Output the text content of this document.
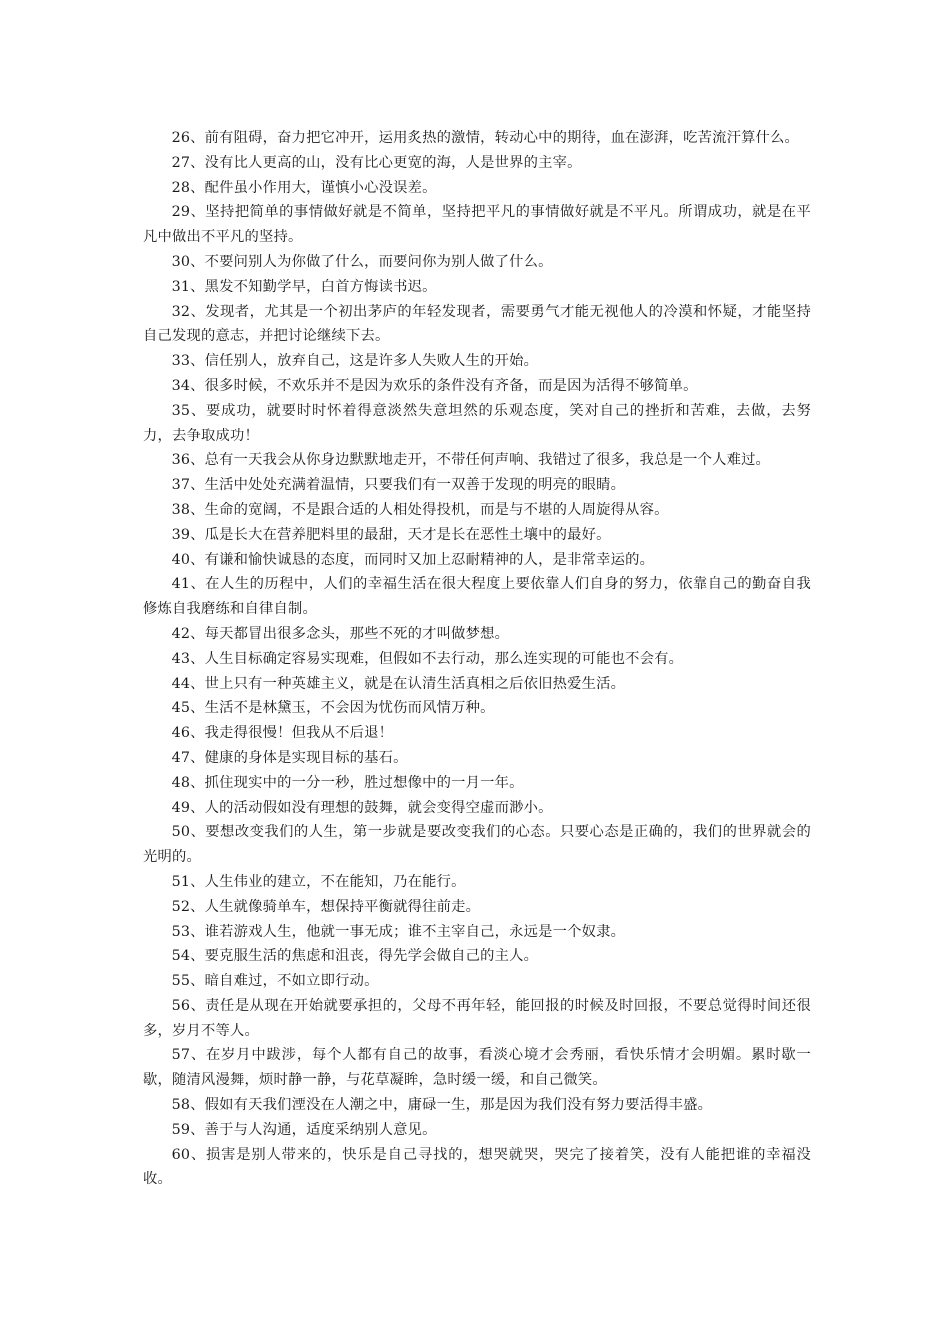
26、前有阻碍，奋力把它冲开，运用炙热的激情，转动心中的期待，血在澎湃，吃苦流汗算什么。

27、没有比人更高的山，没有比心更宽的海，人是世界的主宰。

28、配件虽小作用大，谨慎小心没误差。

29、坚持把简单的事情做好就是不简单，坚持把平凡的事情做好就是不平凡。所谓成功，就是在平凡中做出不平凡的坚持。

30、不要问别人为你做了什么，而要问你为别人做了什么。

31、黑发不知勤学早，白首方悔读书迟。

32、发现者，尤其是一个初出茅庐的年轻发现者，需要勇气才能无视他人的冷漠和怀疑，才能坚持自己发现的意志，并把讨论继续下去。

33、信任别人，放弃自己，这是许多人失败人生的开始。

34、很多时候，不欢乐并不是因为欢乐的条件没有齐备，而是因为活得不够简单。

35、要成功，就要时时怀着得意淡然失意坦然的乐观态度，笑对自己的挫折和苦难，去做，去努力，去争取成功！

36、总有一天我会从你身边默默地走开，不带任何声响、我错过了很多，我总是一个人难过。

37、生活中处处充满着温情，只要我们有一双善于发现的明亮的眼睛。

38、生命的宽阔，不是跟合适的人相处得投机，而是与不堪的人周旋得从容。

39、瓜是长大在营养肥料里的最甜，天才是长在恶性土壤中的最好。

40、有谦和愉快诚恳的态度，而同时又加上忍耐精神的人，是非常幸运的。

41、在人生的历程中，人们的幸福生活在很大程度上要依靠人们自身的努力，依靠自己的勤奋自我修炼自我磨练和自律自制。

42、每天都冒出很多念头，那些不死的才叫做梦想。

43、人生目标确定容易实现难，但假如不去行动，那么连实现的可能也不会有。

44、世上只有一种英雄主义，就是在认清生活真相之后依旧热爱生活。

45、生活不是林黛玉，不会因为忧伤而风情万种。

46、我走得很慢！但我从不后退！

47、健康的身体是实现目标的基石。

48、抓住现实中的一分一秒，胜过想像中的一月一年。

49、人的活动假如没有理想的鼓舞，就会变得空虚而渺小。

50、要想改变我们的人生，第一步就是要改变我们的心态。只要心态是正确的，我们的世界就会的光明的。

51、人生伟业的建立，不在能知，乃在能行。

52、人生就像骑单车，想保持平衡就得往前走。

53、谁若游戏人生，他就一事无成；谁不主宰自己，永远是一个奴隶。

54、要克服生活的焦虑和沮丧，得先学会做自己的主人。

55、暗自难过，不如立即行动。

56、责任是从现在开始就要承担的，父母不再年轻，能回报的时候及时回报，不要总觉得时间还很多，岁月不等人。

57、在岁月中跋涉，每个人都有自己的故事，看淡心境才会秀丽，看快乐情才会明媚。累时歇一歇，随清风漫舞，烦时静一静，与花草凝眸，急时缓一缓，和自己微笑。

58、假如有天我们湮没在人潮之中，庸碌一生，那是因为我们没有努力要活得丰盛。

59、善于与人沟通，适度采纳别人意见。

60、损害是别人带来的，快乐是自己寻找的，想哭就哭，哭完了接着笑，没有人能把谁的幸福没收。
